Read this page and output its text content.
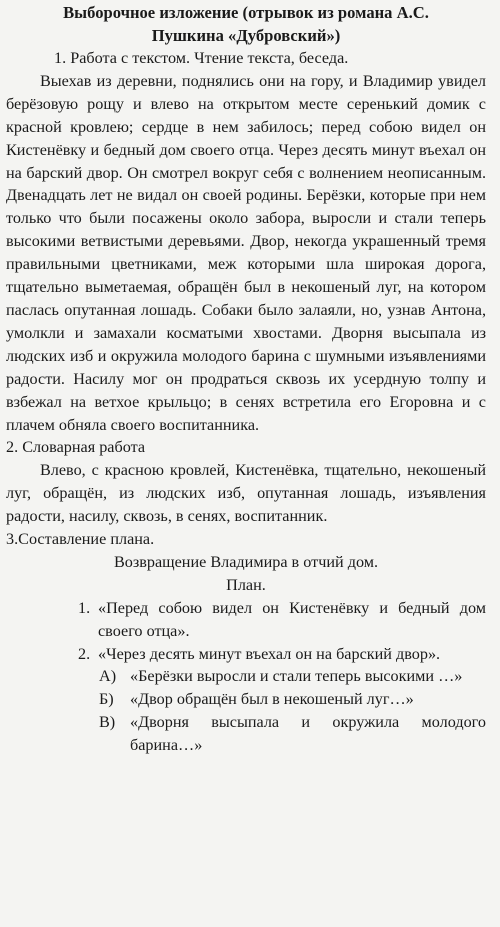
Выборочное изложение (отрывок из романа А.С.
Пушкина «Дубровский»)

1. Работа с текстом. Чтение текста, беседа.

Выехав из деревни, поднялись они на гору, и Владимир увидел берёзовую рощу и влево на открытом месте серенький домик с красной кровлею; сердце в нем забилось; перед собою видел он Кистенёвку и бедный дом своего отца. Через десять минут въехал он на барский двор. Он смотрел вокруг себя с волнением неописанным. Двенадцать лет не видал он своей родины. Берёзки, которые при нем только что были посажены около забора, выросли и стали теперь высокими ветвистыми деревьями. Двор, некогда украшенный тремя правильными цветниками, меж которыми шла широкая дорога, тщательно выметаемая, обращён был в некошеный луг, на котором паслась опутанная лошадь. Собаки было залаяли, но, узнав Антона, умолкли и замахали косматыми хвостами. Дворня высыпала из людских изб и окружила молодого барина с шумными изъявлениями радости. Насилу мог он продраться сквозь их усердную толпу и взбежал на ветхое крыльцо; в сенях встретила его Егоровна и с плачем обняла своего воспитанника.

2. Словарная работа

Влево, с красною кровлей, Кистенёвка, тщательно, некошеный луг, обращён, из людских изб, опутанная лошадь, изъявления радости, насилу, сквозь, в сенях, воспитанник.

3.Составление плана.

Возвращение Владимира в отчий дом.

План.

1. «Перед собою видел он Кистенёвку и бедный дом своего отца».
2. «Через десять минут въехал он на барский двор».
А) «Берёзки выросли и стали теперь высокими …»
Б)	«Двор обращён был в некошеный луг…»
В) «Дворня высыпала и окружила молодого барина…»
